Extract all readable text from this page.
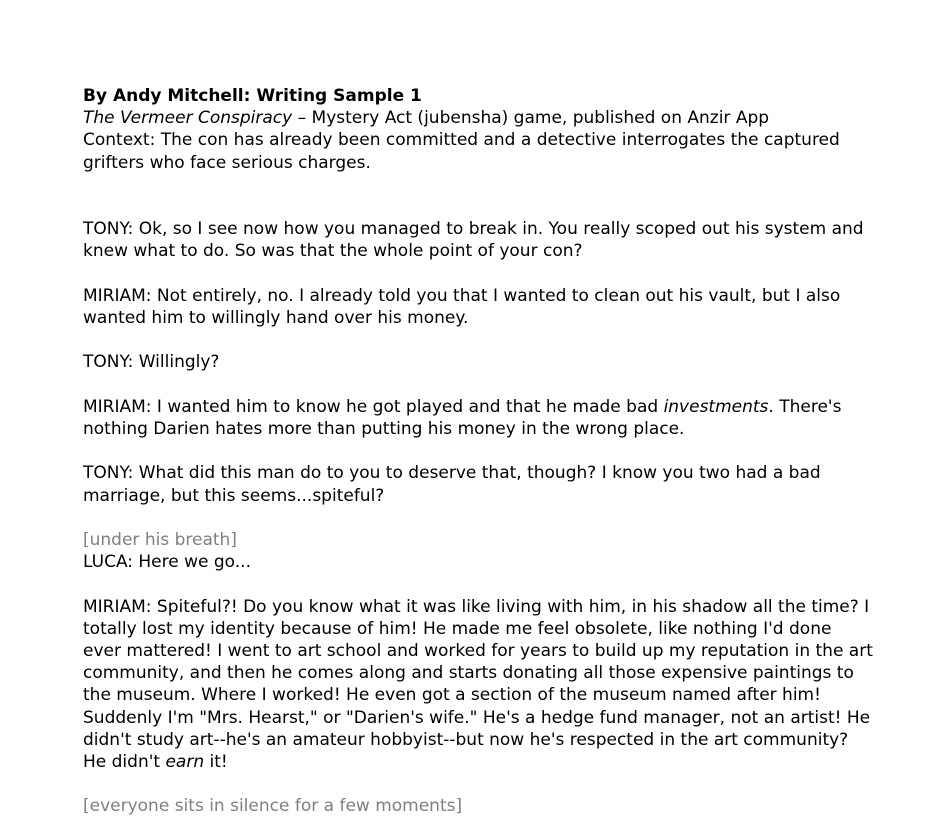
By Andy Mitchell: Writing Sample 1

The Vermeer Conspiracy – Mystery Act (jubensha) game, published on Anzir App

Context: The con has already been committed and a detective interrogates the captured grifters who face serious charges.

TONY: Ok, so I see now how you managed to break in. You really scoped out his system and knew what to do. So was that the whole point of your con?

MIRIAM: Not entirely, no. I already told you that I wanted to clean out his vault, but I also wanted him to willingly hand over his money.

TONY: Willingly?

MIRIAM: I wanted him to know he got played and that he made bad investments. There's nothing Darien hates more than putting his money in the wrong place.

TONY: What did this man do to you to deserve that, though? I know you two had a bad marriage, but this seems...spiteful?

[under his breath]

LUCA: Here we go...

MIRIAM: Spiteful?! Do you know what it was like living with him, in his shadow all the time? I totally lost my identity because of him! He made me feel obsolete, like nothing I'd done ever mattered! I went to art school and worked for years to build up my reputation in the art community, and then he comes along and starts donating all those expensive paintings to the museum. Where I worked! He even got a section of the museum named after him! Suddenly I'm "Mrs. Hearst," or "Darien's wife." He's a hedge fund manager, not an artist! He didn't study art--he's an amateur hobbyist--but now he's respected in the art community? He didn't earn it!

[everyone sits in silence for a few moments]
